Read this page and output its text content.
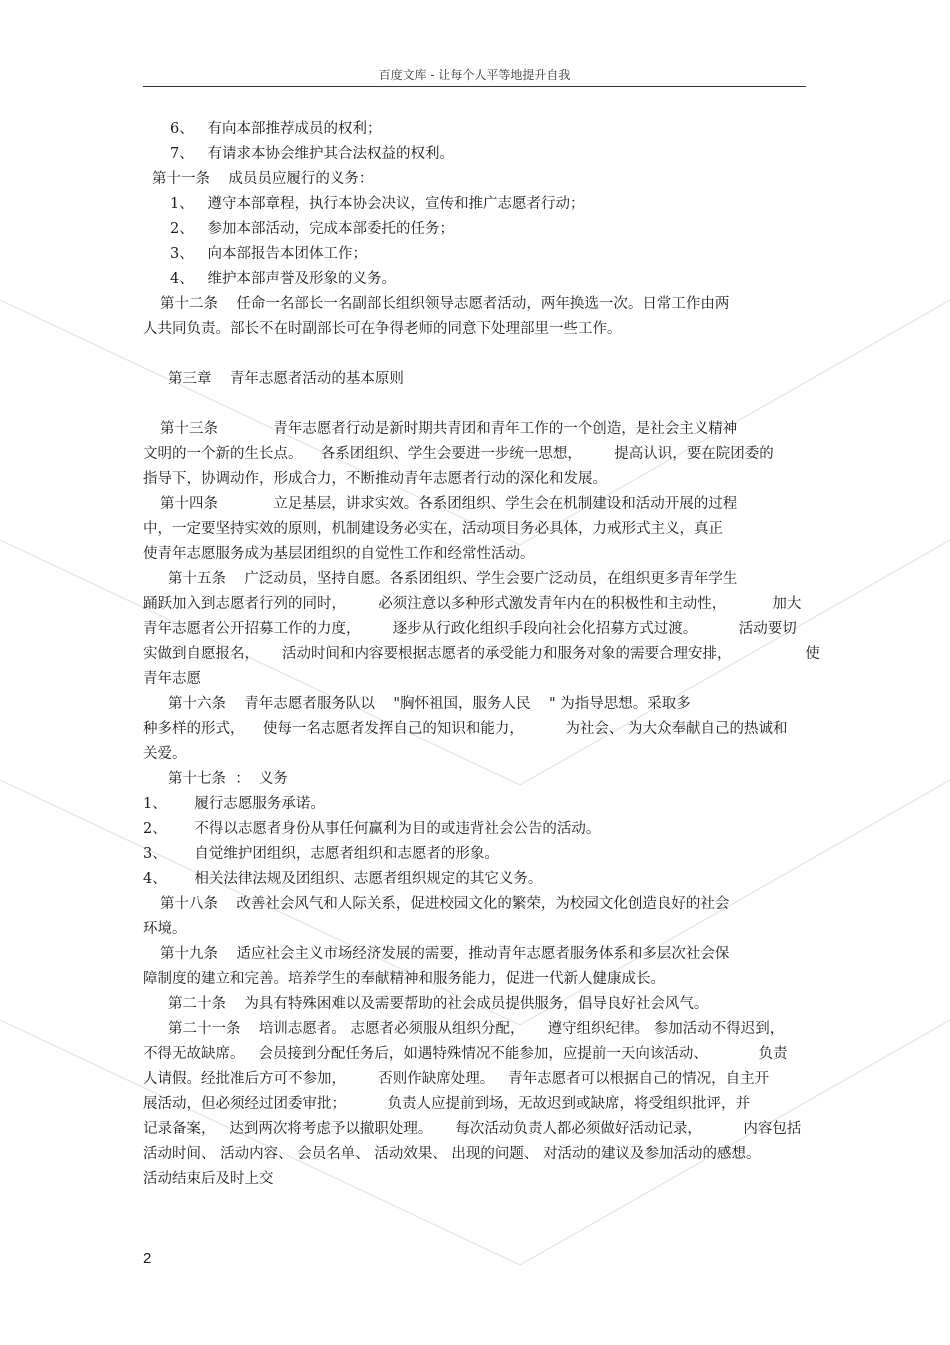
百度文库 - 让每个人平等地提升自我
6、   有向本部推荐成员的权利；
7、   有请求本协会维护其合法权益的权利。
第十一条    成员员应履行的义务：
1、   遵守本部章程，执行本协会决议，宣传和推广志愿者行动；
2、   参加本部活动，完成本部委托的任务；
3、   向本部报告本团体工作；
4、   维护本部声誉及形象的义务。
第十二条    任命一名部长一名副部长组织领导志愿者活动，两年换选一次。日常工作由两
人共同负责。部长不在时副部长可在争得老师的同意下处理部里一些工作。
第三章    青年志愿者活动的基本原则
第十三条            青年志愿者行动是新时期共青团和青年工作的一个创造，是社会主义精神
文明的一个新的生长点。    各系团组织、学生会要进一步统一思想，       提高认识，要在院团委的
指导下，协调动作，形成合力，不断推动青年志愿者行动的深化和发展。
第十四条            立足基层，讲求实效。各系团组织、学生会在机制建设和活动开展的过程
中，一定要坚持实效的原则，机制建设务必实在，活动项目务必具体，力戒形式主义，真正
使青年志愿服务成为基层团组织的自觉性工作和经常性活动。
第十五条    广泛动员，坚持自愿。各系团组织、学生会要广泛动员，在组织更多青年学生
踊跃加入到志愿者行列的同时，       必须注意以多种形式激发青年内在的积极性和主动性，          加大
青年志愿者公开招募工作的力度，       逐步从行政化组织手段向社会化招募方式过渡。         活动要切
实做到自愿报名，     活动时间和内容要根据志愿者的承受能力和服务对象的需要合理安排，                使
青年志愿
第十六条    青年志愿者服务队以    "胸怀祖国，服务人民    " 为指导思想。采取多
种多样的形式，    使每一名志愿者发挥自己的知识和能力，         为社会、 为大众奉献自己的热诚和
关爱。
第十七条  ：  义务
1、      履行志愿服务承诺。
2、      不得以志愿者身份从事任何赢利为目的或违背社会公告的活动。
3、      自觉维护团组织，志愿者组织和志愿者的形象。
4、      相关法律法规及团组织、志愿者组织规定的其它义务。
第十八条    改善社会风气和人际关系，促进校园文化的繁荣，为校园文化创造良好的社会
环境。
第十九条    适应社会主义市场经济发展的需要，推动青年志愿者服务体系和多层次社会保
障制度的建立和完善。培养学生的奉献精神和服务能力，促进一代新人健康成长。
第二十条    为具有特殊困难以及需要帮助的社会成员提供服务，倡导良好社会风气。
第二十一条    培训志愿者。 志愿者必须服从组织分配，     遵守组织纪律。 参加活动不得迟到，
不得无故缺席。   会员接到分配任务后，如遇特殊情况不能参加，应提前一天向该活动、           负责
人请假。经批准后方可不参加，       否则作缺席处理。   青年志愿者可以根据自己的情况，自主开
展活动，但必须经过团委审批；         负责人应提前到场，无故迟到或缺席，将受组织批评，并
记录备案，   达到两次将考虑予以撤职处理。     每次活动负责人都必须做好活动记录，         内容包括
活动时间、 活动内容、 会员名单、 活动效果、 出现的问题、 对活动的建议及参加活动的感想。
活动结束后及时上交
2
